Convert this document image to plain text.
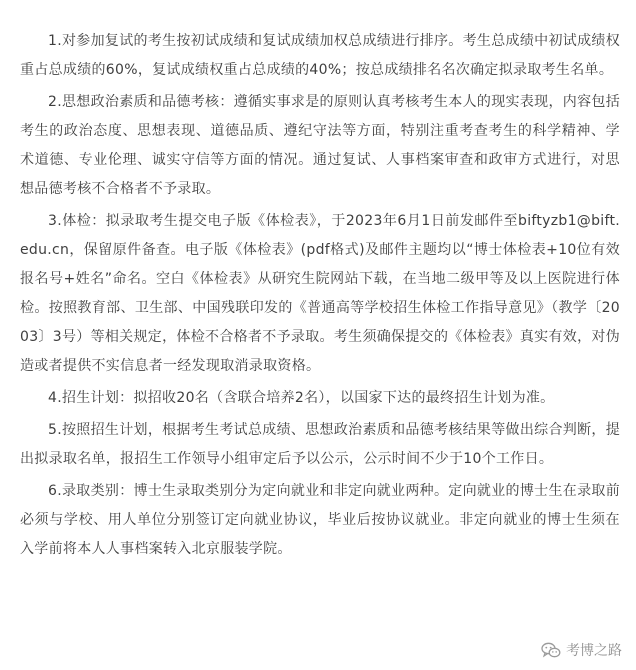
1.对参加复试的考生按初试成绩和复试成绩加权总成绩进行排序。考生总成绩中初试成绩权重占总成绩的60%，复试成绩权重占总成绩的40%；按总成绩排名名次确定拟录取考生名单。

2.思想政治素质和品德考核：遵循实事求是的原则认真考核考生本人的现实表现，内容包括考生的政治态度、思想表现、道德品质、遵纪守法等方面，特别注重考查考生的科学精神、学术道德、专业伦理、诚实守信等方面的情况。通过复试、人事档案审查和政审方式进行，对思想品德考核不合格者不予录取。

3.体检：拟录取考生提交电子版《体检表》，于2023年6月1日前发邮件至biftyzb1@bift.edu.cn，保留原件备查。电子版《体检表》(pdf格式)及邮件主题均以“博士体检表+10位有效报名号+姓名”命名。空白《体检表》从研究生院网站下载，在当地二级甲等及以上医院进行体检。按照教育部、卫生部、中国残联印发的《普通高等学校招生体检工作指导意见》（教学〔2003〕3号）等相关规定，体检不合格者不予录取。考生须确保提交的《体检表》真实有效，对伪造或者提供不实信息者一经发现取消录取资格。

4.招生计划：拟招收20名（含联合培养2名），以国家下达的最终招生计划为准。

5.按照招生计划，根据考生考试总成绩、思想政治素质和品德考核结果等做出综合判断，提出拟录取名单，报招生工作领导小组审定后予以公示，公示时间不少于10个工作日。

6.录取类别：博士生录取类别分为定向就业和非定向就业两种。定向就业的博士生在录取前必须与学校、用人单位分别签订定向就业协议，毕业后按协议就业。非定向就业的博士生须在入学前将本人人事档案转入北京服装学院。

考博之路
